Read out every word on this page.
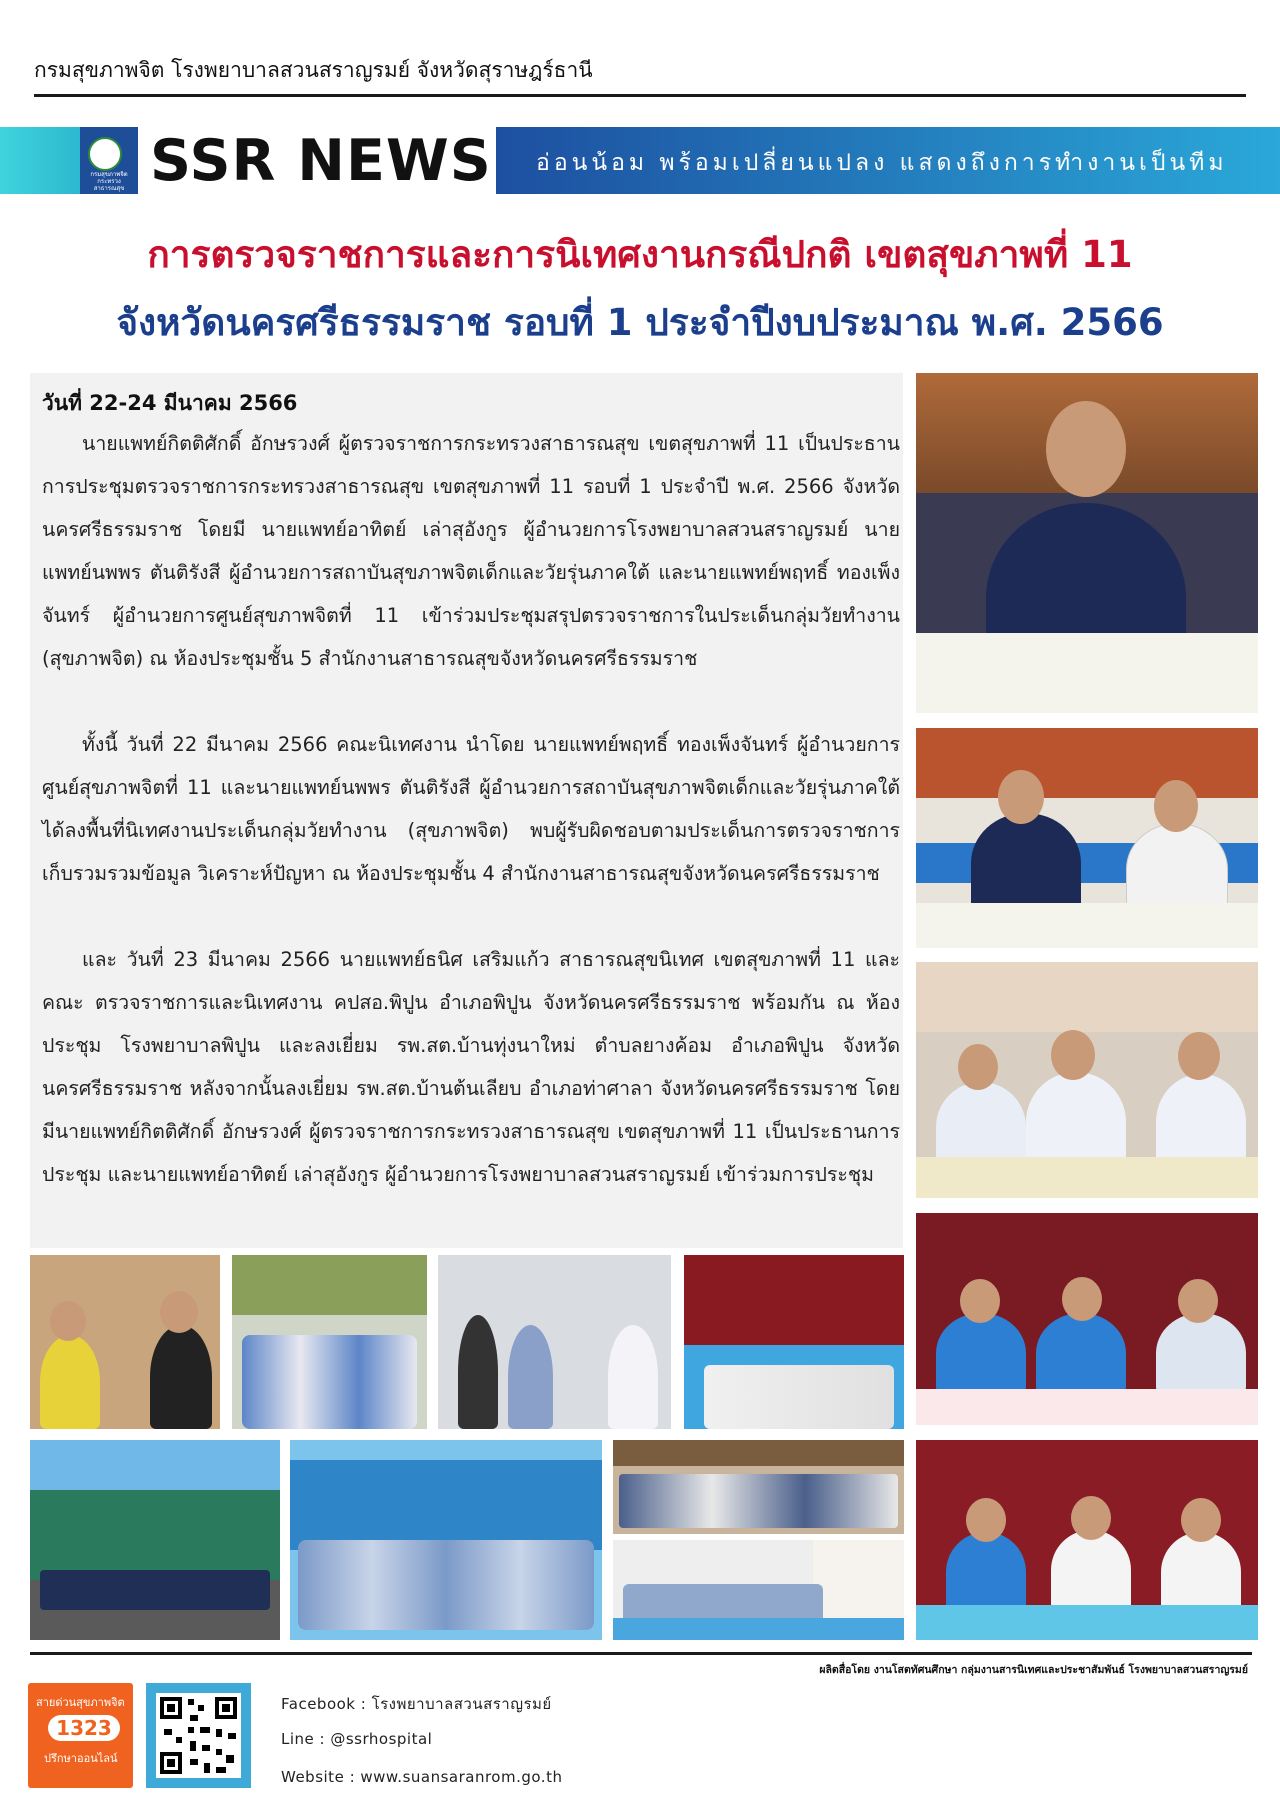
กรมสุขภาพจิต โรงพยาบาลสวนสราญรมย์ จังหวัดสุราษฎร์ธานี
กรมสุขภาพจิต กระทรวงสาธารณสุข SSR NEWS อ่อนน้อม พร้อมเปลี่ยนแปลง แสดงถึงการทำงานเป็นทีม
การตรวจราชการและการนิเทศงานกรณีปกติ เขตสุขภาพที่ 11
จังหวัดนครศรีธรรมราช รอบที่ 1 ประจำปีงบประมาณ พ.ศ. 2566
วันที่ 22-24 มีนาคม 2566
นายแพทย์กิตติศักดิ์ อักษรวงศ์ ผู้ตรวจราชการกระทรวงสาธารณสุข เขตสุขภาพที่ 11 เป็นประธานการประชุมตรวจราชการกระทรวงสาธารณสุข เขตสุขภาพที่ 11 รอบที่ 1 ประจำปี พ.ศ. 2566 จังหวัดนครศรีธรรมราช โดยมี นายแพทย์อาทิตย์ เล่าสุอังกูร ผู้อำนวยการโรงพยาบาลสวนสราญรมย์ นายแพทย์นพพร ตันติรังสี ผู้อำนวยการสถาบันสุขภาพจิตเด็กและวัยรุ่นภาคใต้ และนายแพทย์พฤทธิ์ ทองเพ็งจันทร์ ผู้อำนวยการศูนย์สุขภาพจิตที่ 11 เข้าร่วมประชุมสรุปตรวจราชการในประเด็นกลุ่มวัยทำงาน (สุขภาพจิต) ณ ห้องประชุมชั้น 5 สำนักงานสาธารณสุขจังหวัดนครศรีธรรมราช
ทั้งนี้ วันที่ 22 มีนาคม 2566 คณะนิเทศงาน นำโดย นายแพทย์พฤทธิ์ ทองเพ็งจันทร์ ผู้อำนวยการศูนย์สุขภาพจิตที่ 11 และนายแพทย์นพพร ตันติรังสี ผู้อำนวยการสถาบันสุขภาพจิตเด็กและวัยรุ่นภาคใต้ ได้ลงพื้นที่นิเทศงานประเด็นกลุ่มวัยทำงาน (สุขภาพจิต) พบผู้รับผิดชอบตามประเด็นการตรวจราชการ เก็บรวมรวมข้อมูล วิเคราะห์ปัญหา ณ ห้องประชุมชั้น 4 สำนักงานสาธารณสุขจังหวัดนครศรีธรรมราช
และ วันที่ 23 มีนาคม 2566 นายแพทย์ธนิศ เสริมแก้ว สาธารณสุขนิเทศ เขตสุขภาพที่ 11 และคณะ ตรวจราชการและนิเทศงาน คปสอ.พิปูน อำเภอพิปูน จังหวัดนครศรีธรรมราช พร้อมกัน ณ ห้องประชุม โรงพยาบาลพิปูน และลงเยี่ยม รพ.สต.บ้านทุ่งนาใหม่ ตำบลยางค้อม อำเภอพิปูน จังหวัดนครศรีธรรมราช หลังจากนั้นลงเยี่ยม รพ.สต.บ้านต้นเลียบ อำเภอท่าศาลา จังหวัดนครศรีธรรมราช โดยมีนายแพทย์กิตติศักดิ์ อักษรวงศ์ ผู้ตรวจราชการกระทรวงสาธารณสุข เขตสุขภาพที่ 11 เป็นประธานการประชุม และนายแพทย์อาทิตย์ เล่าสุอังกูร ผู้อำนวยการโรงพยาบาลสวนสราญรมย์ เข้าร่วมการประชุม
ผลิตสื่อโดย งานโสตทัศนศึกษา กลุ่มงานสารนิเทศและประชาสัมพันธ์ โรงพยาบาลสวนสราญรมย์
สายด่วนสุขภาพจิต
1323
ปรึกษาออนไลน์
Facebook : โรงพยาบาลสวนสราญรมย์
Line : @ssrhospital
Website : www.suansaranrom.go.th
